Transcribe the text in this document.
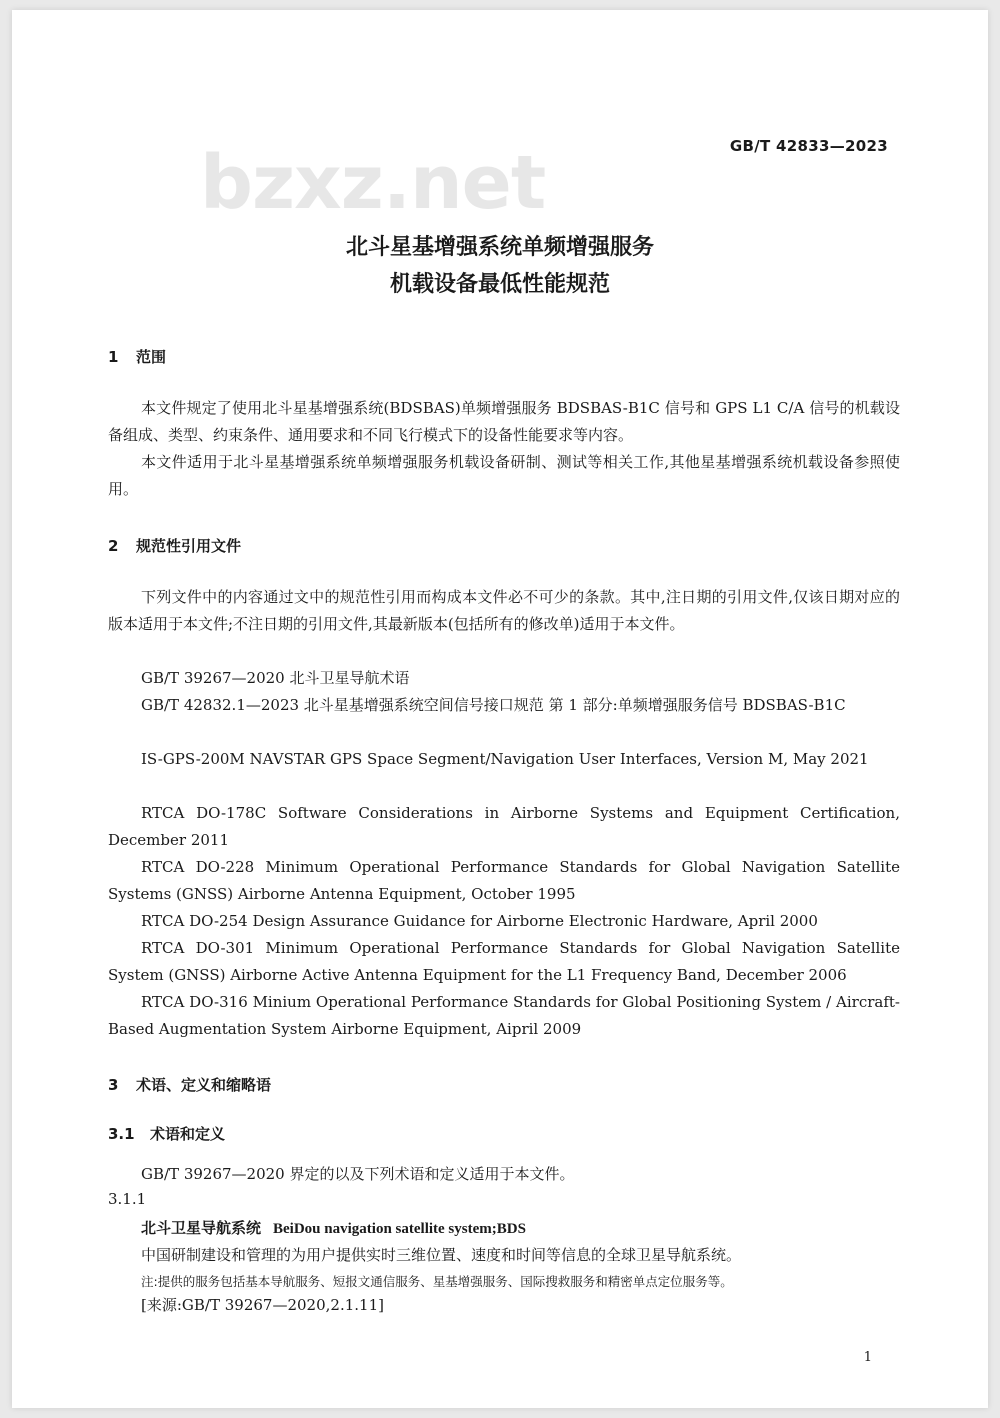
bzxz.net	GB/T 42833—2023
北斗星基增强系统单频增强服务
机载设备最低性能规范
1 范围
本文件规定了使用北斗星基增强系统(BDSBAS)单频增强服务 BDSBAS-B1C 信号和 GPS L1 C/A 信号的机载设备组成、类型、约束条件、通用要求和不同飞行模式下的设备性能要求等内容。
本文件适用于北斗星基增强系统单频增强服务机载设备研制、测试等相关工作,其他星基增强系统机载设备参照使用。
2 规范性引用文件
下列文件中的内容通过文中的规范性引用而构成本文件必不可少的条款。其中,注日期的引用文件,仅该日期对应的版本适用于本文件;不注日期的引用文件,其最新版本(包括所有的修改单)适用于本文件。
GB/T 39267—2020 北斗卫星导航术语
GB/T 42832.1—2023 北斗星基增强系统空间信号接口规范 第 1 部分:单频增强服务信号 BDSBAS-B1C
IS-GPS-200M NAVSTAR GPS Space Segment/Navigation User Interfaces, Version M, May 2021
RTCA DO-178C Software Considerations in Airborne Systems and Equipment Certification, December 2011
RTCA DO-228 Minimum Operational Performance Standards for Global Navigation Satellite Systems (GNSS) Airborne Antenna Equipment, October 1995
RTCA DO-254 Design Assurance Guidance for Airborne Electronic Hardware, April 2000
RTCA DO-301 Minimum Operational Performance Standards for Global Navigation Satellite System (GNSS) Airborne Active Antenna Equipment for the L1 Frequency Band, December 2006
RTCA DO-316 Minium Operational Performance Standards for Global Positioning System / Aircraft-Based Augmentation System Airborne Equipment, Aipril 2009
3 术语、定义和缩略语
3.1 术语和定义
GB/T 39267—2020 界定的以及下列术语和定义适用于本文件。
3.1.1
北斗卫星导航系统 BeiDou navigation satellite system;BDS
中国研制建设和管理的为用户提供实时三维位置、速度和时间等信息的全球卫星导航系统。
注:提供的服务包括基本导航服务、短报文通信服务、星基增强服务、国际搜救服务和精密单点定位服务等。
[来源:GB/T 39267—2020,2.1.11]
1
